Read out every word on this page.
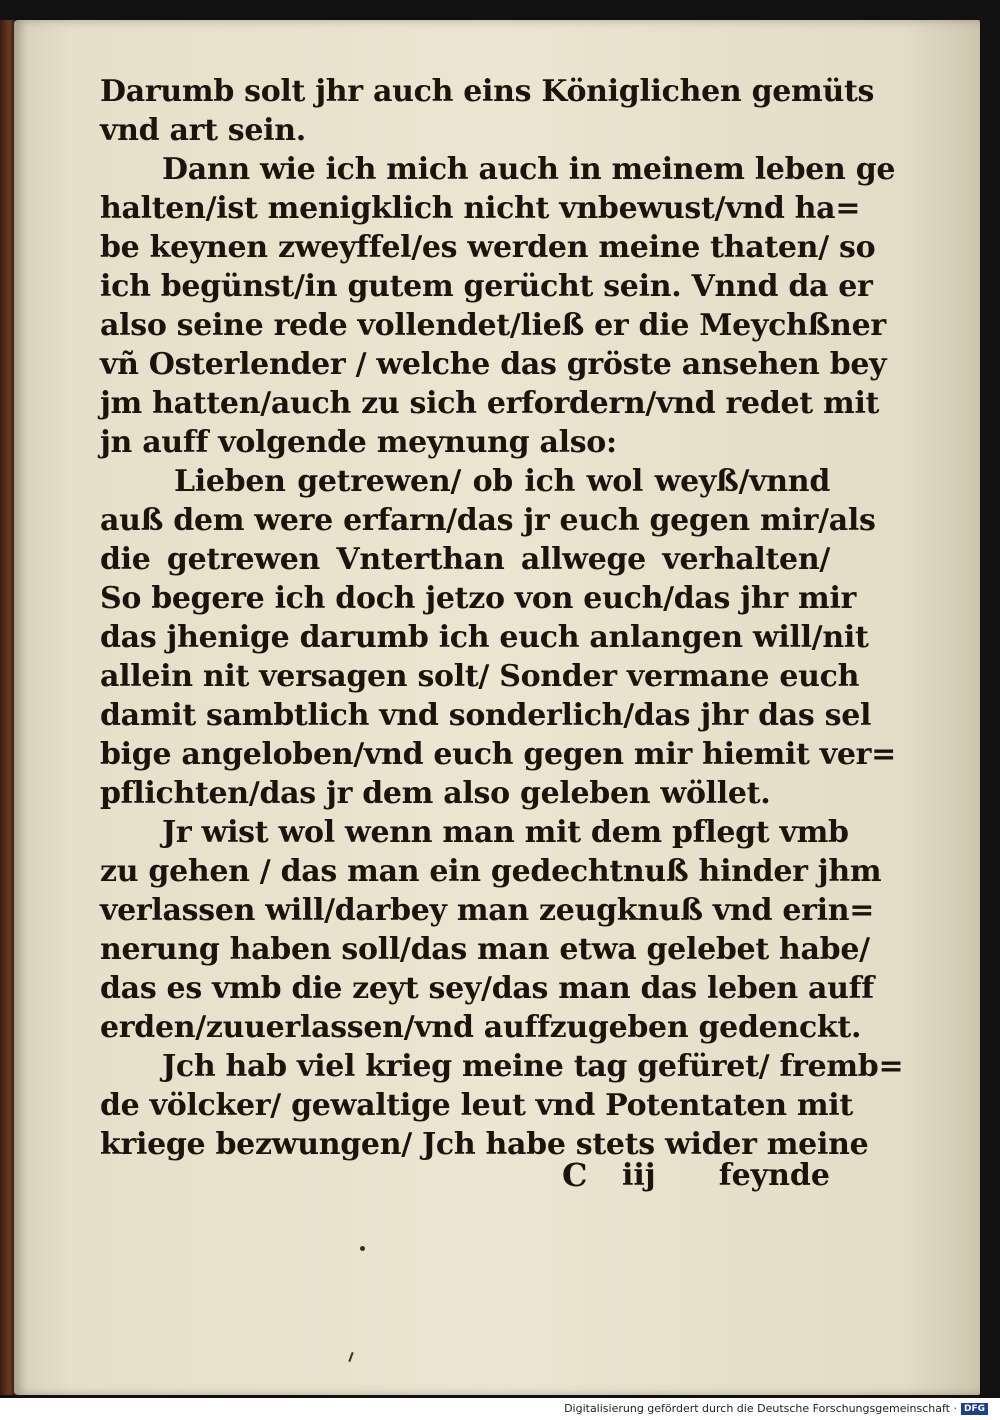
Darumb solt jhr auch eins Königlichen gemüts
vnd art sein.
Dann wie ich mich auch in meinem leben ge
halten/ist menigklich nicht vnbewust/vnd ha=
be keynen zweyffel/es werden meine thaten/ so
ich begünst/in gutem gerücht sein. Vnnd da er
also seine rede vollendet/ließ er die Meychßner
vñ Osterlender / welche das gröste ansehen bey
jm hatten/auch zu sich erfordern/vnd redet mit
jn auff volgende meynung also:
Lieben getrewen/ ob ich wol weyß/vnnd
auß dem were erfarn/das jr euch gegen mir/als
die getrewen Vnterthan allwege verhalten/
So begere ich doch jetzo von euch/das jhr mir
das jhenige darumb ich euch anlangen will/nit
allein nit versagen solt/ Sonder vermane euch
damit sambtlich vnd sonderlich/das jhr das sel
bige angeloben/vnd euch gegen mir hiemit ver=
pflichten/das jr dem also geleben wöllet.
Jr wist wol wenn man mit dem pflegt vmb
zu gehen / das man ein gedechtnuß hinder jhm
verlassen will/darbey man zeugknuß vnd erin=
nerung haben soll/das man etwa gelebet habe/
das es vmb die zeyt sey/das man das leben auff
erden/zuuerlassen/vnd auffzugeben gedenckt.
Jch hab viel krieg meine tag gefüret/ fremb=
de völcker/ gewaltige leut vnd Potentaten mit
kriege bezwungen/ Jch habe stets wider meine
C iij feynde
Digitalisierung gefördert durch die Deutsche Forschungsgemeinschaft · DFG
